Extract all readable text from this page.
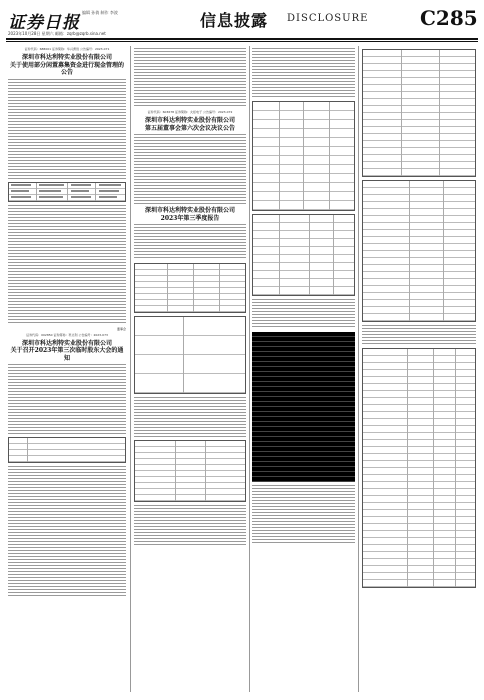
证券日报
编辑 孙倩 制作 李波
2023年10月28日 星期六 邮箱：zqrb@zqrb.sina.net
信息披露 DISCLOSURE	C285
证券代码：688001 证券简称：华兴源创 公告编号：2023-071
深圳市科达利特实业股份有限公司
关于使用部分闲置募集资金进行现金管理的公告
董事会
证券代码：002850 证券简称：科达利 公告编号：2023-073
深圳市科达利特实业股份有限公司
关于召开2023年第三次临时股东大会的通知
证券代码：603678 证券简称：火炬电子 公告编号：2023-072
深圳市科达利特实业股份有限公司
第五届董事会第六次会议决议公告
深圳市科达利特实业股份有限公司
2023年第三季度报告
